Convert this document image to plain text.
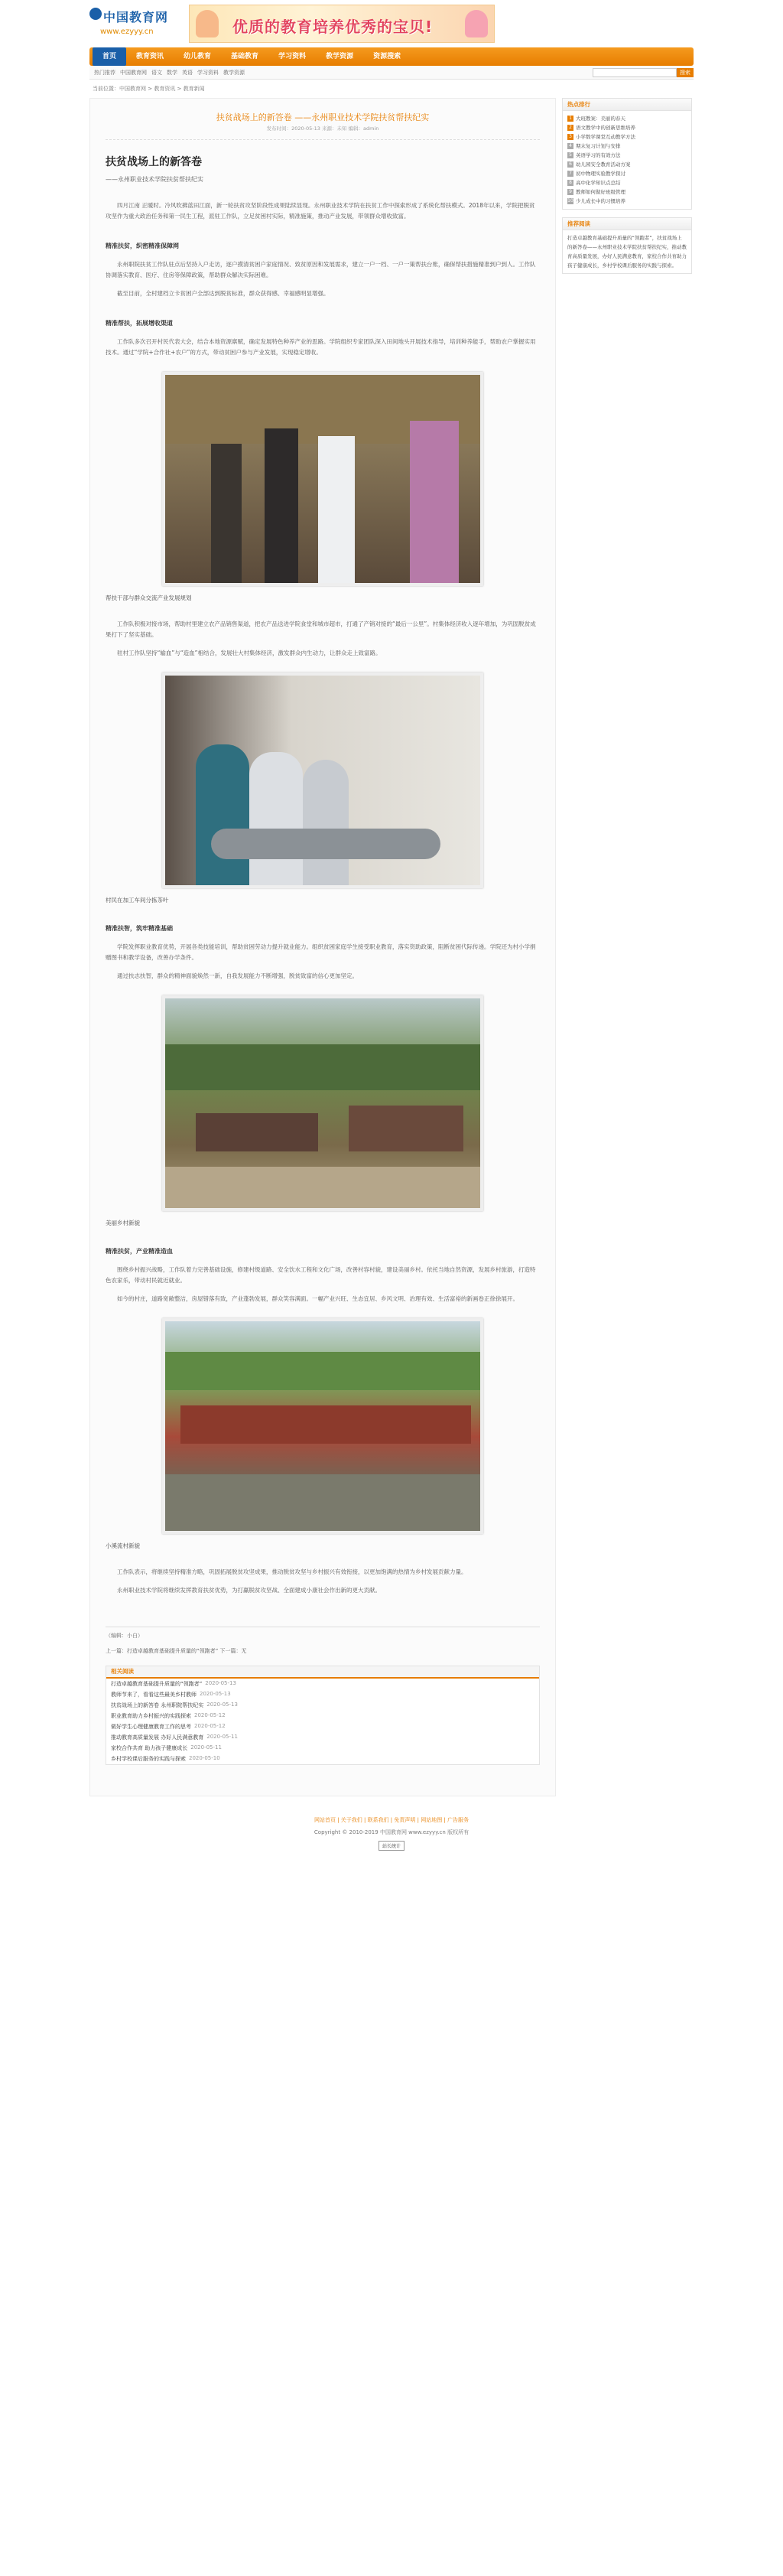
中国教育网
www.ezyyy.cn	优质的教育培养优秀的宝贝!
首页	教育资讯	幼儿教育	基础教育	学习资料	教学资源	资源搜索
热门推荐 中国教育网 语文 数学 英语 学习资料 教学资源	搜索
当前位置：中国教育网 > 教育资讯 > 教育新闻
扶贫战场上的新答卷 ——永州职业技术学院扶贫帮扶纪实
发布时间：2020-05-13 来源：未知 编辑：admin
扶贫战场上的新答卷
——永州职业技术学院扶贫帮扶纪实

四月江南 正暖时。冷风吹拂蓝田江面，新一轮扶贫攻坚阶段性成果陆续显现。永州职业技术学院在扶贫工作中探索形成了系统化帮扶模式。2018年以来，学院把脱贫攻坚作为重大政治任务和第一民生工程，派驻工作队，立足贫困村实际，精准施策，推动产业发展，带领群众增收致富。

精准扶贫，织密精准保障网

永州职院扶贫工作队驻点后坚持入户走访，逐户摸清贫困户家庭情况、致贫原因和发展需求，建立一户一档、一户一策帮扶台账，确保帮扶措施精准到户到人。工作队协调落实教育、医疗、住房等保障政策，帮助群众解决实际困难。

截至目前，全村建档立卡贫困户全部达到脱贫标准，群众获得感、幸福感明显增强。

精准帮扶，拓展增收渠道

工作队多次召开村民代表大会，结合本地资源禀赋，确定发展特色种养产业的思路。学院组织专家团队深入田间地头开展技术指导，培训种养能手，帮助农户掌握实用技术。通过“学院+合作社+农户”的方式，带动贫困户参与产业发展，实现稳定增收。

帮扶干部与群众交流产业发展规划

工作队积极对接市场，帮助村里建立农产品销售渠道，把农产品送进学院食堂和城市超市，打通了产销对接的“最后一公里”。村集体经济收入逐年增加，为巩固脱贫成果打下了坚实基础。

驻村工作队坚持“输血”与“造血”相结合，发展壮大村集体经济，激发群众内生动力，让群众走上致富路。

村民在加工车间分拣茶叶
精准扶智，筑牢精准基础

学院发挥职业教育优势，开展各类技能培训，帮助贫困劳动力提升就业能力。组织贫困家庭学生接受职业教育，落实资助政策，阻断贫困代际传递。学院还为村小学捐赠图书和教学设备，改善办学条件。

通过扶志扶智，群众的精神面貌焕然一新，自我发展能力不断增强，脱贫致富的信心更加坚定。

美丽乡村新貌
精准扶贫，产业精准造血

围绕乡村振兴战略，工作队着力完善基础设施，修建村级道路、安全饮水工程和文化广场，改善村容村貌，建设美丽乡村。依托当地自然资源，发展乡村旅游，打造特色农家乐，带动村民就近就业。

如今的村庄，道路宽敞整洁，房屋错落有致，产业蓬勃发展，群众笑容满面。一幅产业兴旺、生态宜居、乡风文明、治理有效、生活富裕的新画卷正徐徐展开。

小溪流村新貌

工作队表示，将继续坚持精准方略，巩固拓展脱贫攻坚成果，推动脱贫攻坚与乡村振兴有效衔接，以更加饱满的热情为乡村发展贡献力量。

永州职业技术学院将继续发挥教育扶贫优势，为打赢脱贫攻坚战、全面建成小康社会作出新的更大贡献。

（编辑：小白）
上一篇：打造卓越教育基础提升质量的“领跑者” 下一篇：无
相关阅读
打造卓越教育基础提升质量的“领跑者” 2020-05-13
教师节来了，看看这些最美乡村教师 2020-05-13
扶贫战场上的新答卷 永州职院帮扶纪实 2020-05-13
职业教育助力乡村振兴的实践探索 2020-05-12
做好学生心理健康教育工作的思考 2020-05-12
推动教育高质量发展 办好人民满意教育 2020-05-11
家校合作共育 助力孩子健康成长 2020-05-11
乡村学校课后服务的实践与探索 2020-05-10
热点排行
1 大班教案：美丽的春天
2 语文教学中的创新思维培养
3 小学数学课堂互动教学方法
4 期末复习计划与安排
5 英语学习的有效方法
6 幼儿园安全教育活动方案
7 初中物理实验教学探讨
8 高中化学知识点总结
9 教师如何做好班级管理
10 少儿成长中的习惯培养
推荐阅读
打造卓越教育基础提升质量的“领跑者”，扶贫战场上的新答卷——永州职业技术学院扶贫帮扶纪实，推动教育高质量发展，办好人民满意教育，家校合作共育助力孩子健康成长，乡村学校课后服务的实践与探索。
网站首页 | 关于我们 | 联系我们 | 免责声明 | 网站地图 | 广告服务
Copyright © 2010-2019 中国教育网 www.ezyyy.cn 版权所有
站长统计
